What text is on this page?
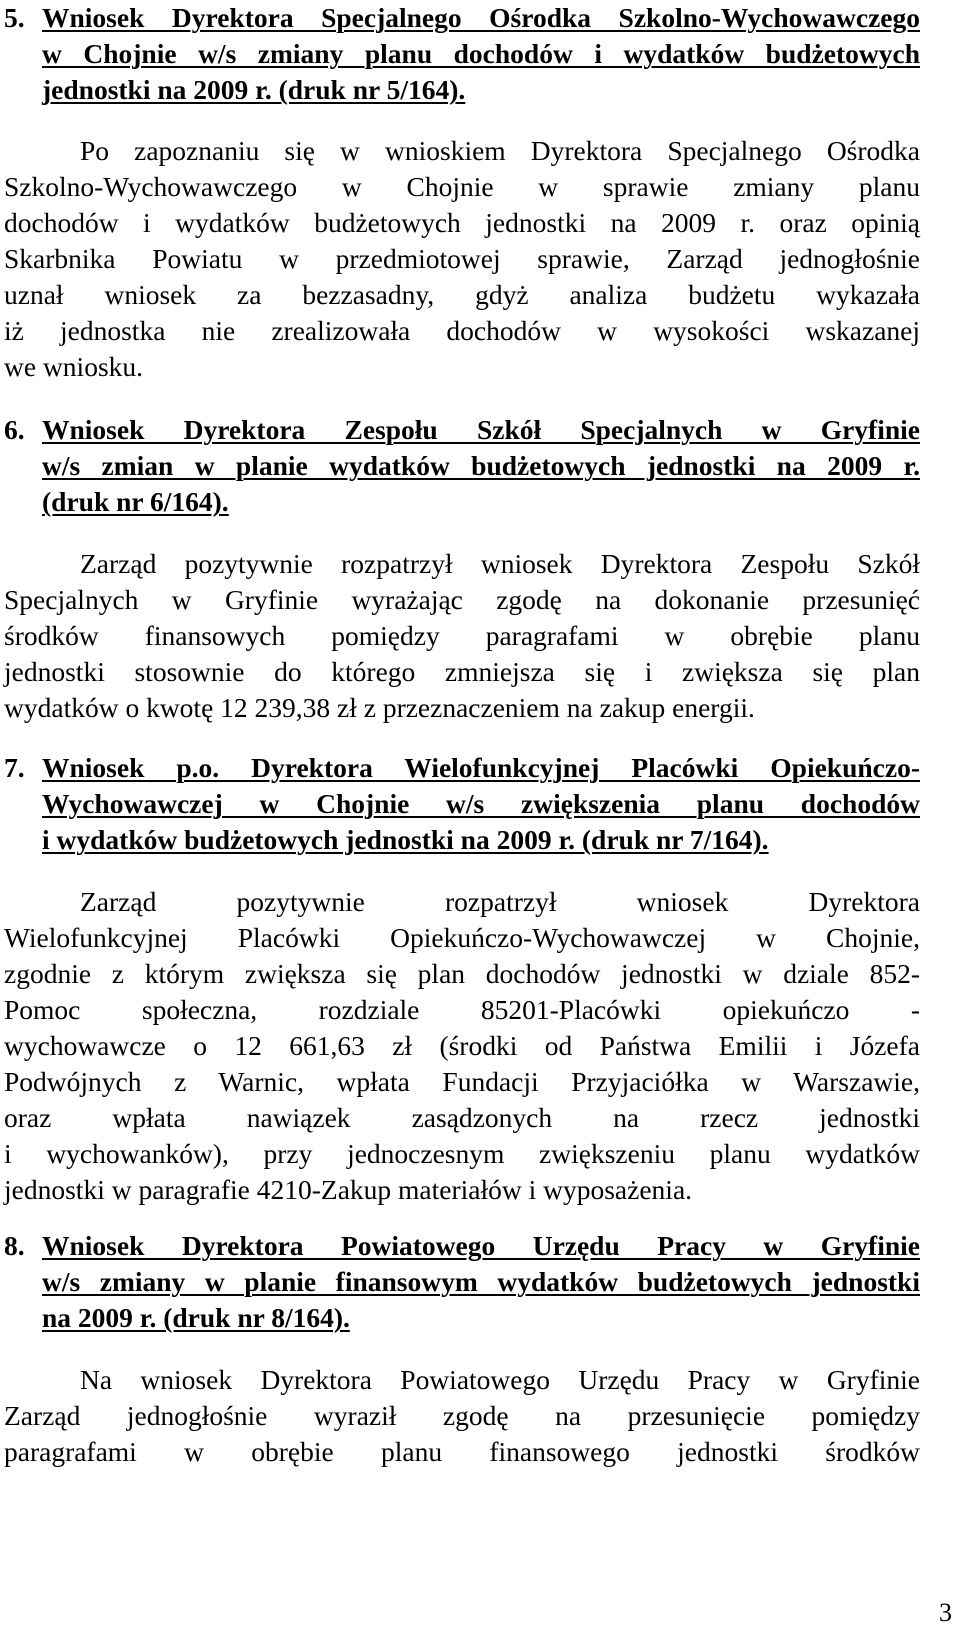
5. Wniosek Dyrektora Specjalnego Ośrodka Szkolno-Wychowawczego
w Chojnie w/s zmiany planu dochodów i wydatków budżetowych
jednostki na 2009 r. (druk nr 5/164).
Po zapoznaniu się w wnioskiem Dyrektora Specjalnego Ośrodka
Szkolno-Wychowawczego w Chojnie w sprawie zmiany planu
dochodów i wydatków budżetowych jednostki na 2009 r. oraz opinią
Skarbnika Powiatu w przedmiotowej sprawie, Zarząd jednogłośnie
uznał wniosek za bezzasadny, gdyż analiza budżetu wykazała
iż jednostka nie zrealizowała dochodów w wysokości wskazanej
we wniosku.
6. Wniosek Dyrektora Zespołu Szkół Specjalnych w Gryfinie
w/s zmian w planie wydatków budżetowych jednostki na 2009 r.
(druk nr 6/164).
Zarząd pozytywnie rozpatrzył wniosek Dyrektora Zespołu Szkół
Specjalnych w Gryfinie wyrażając zgodę na dokonanie przesunięć
środków finansowych pomiędzy paragrafami w obrębie planu
jednostki stosownie do którego zmniejsza się i zwiększa się plan
wydatków o kwotę 12 239,38 zł z przeznaczeniem na zakup energii.
7. Wniosek p.o. Dyrektora Wielofunkcyjnej Placówki Opiekuńczo-
Wychowawczej w Chojnie w/s zwiększenia planu dochodów
i wydatków budżetowych jednostki na 2009 r. (druk nr 7/164).
Zarząd pozytywnie rozpatrzył wniosek Dyrektora
Wielofunkcyjnej Placówki Opiekuńczo-Wychowawczej w Chojnie,
zgodnie z którym zwiększa się plan dochodów jednostki w dziale 852-
Pomoc społeczna, rozdziale 85201-Placówki opiekuńczo -
wychowawcze o 12 661,63 zł (środki od Państwa Emilii i Józefa
Podwójnych z Warnic, wpłata Fundacji Przyjaciółka w Warszawie,
oraz wpłata nawiązek zasądzonych na rzecz jednostki
i wychowanków), przy jednoczesnym zwiększeniu planu wydatków
jednostki w paragrafie 4210-Zakup materiałów i wyposażenia.
8. Wniosek Dyrektora Powiatowego Urzędu Pracy w Gryfinie
w/s zmiany w planie finansowym wydatków budżetowych jednostki
na 2009 r. (druk nr 8/164).
Na wniosek Dyrektora Powiatowego Urzędu Pracy w Gryfinie
Zarząd jednogłośnie wyraził zgodę na przesunięcie pomiędzy
paragrafami w obrębie planu finansowego jednostki środków
3
